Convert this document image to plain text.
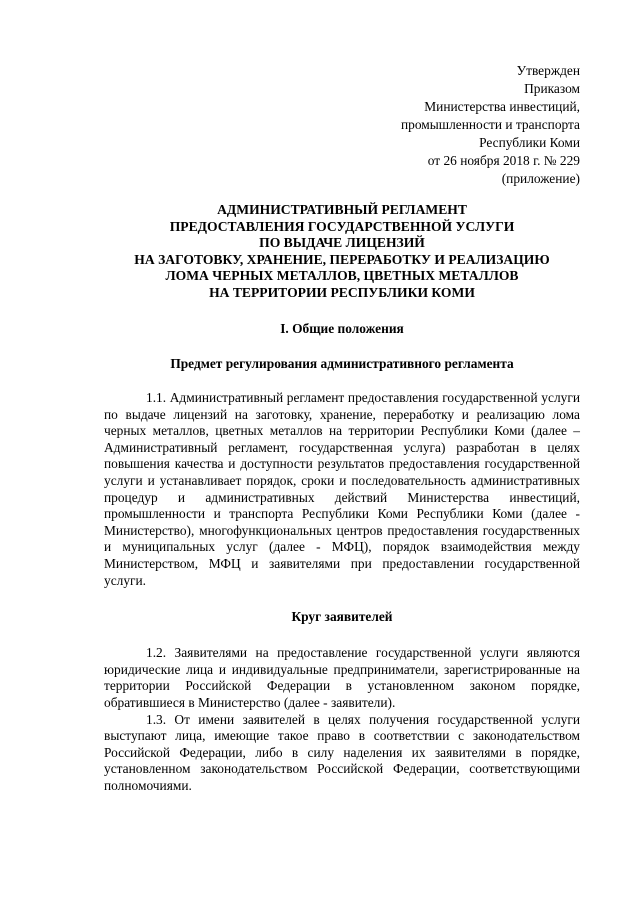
Утвержден
Приказом
Министерства инвестиций,
промышленности и транспорта
Республики Коми
от 26 ноября 2018 г. № 229
(приложение)
АДМИНИСТРАТИВНЫЙ РЕГЛАМЕНТ
ПРЕДОСТАВЛЕНИЯ ГОСУДАРСТВЕННОЙ УСЛУГИ
ПО ВЫДАЧЕ ЛИЦЕНЗИЙ
НА ЗАГОТОВКУ, ХРАНЕНИЕ, ПЕРЕРАБОТКУ И РЕАЛИЗАЦИЮ
ЛОМА ЧЕРНЫХ МЕТАЛЛОВ, ЦВЕТНЫХ МЕТАЛЛОВ
НА ТЕРРИТОРИИ РЕСПУБЛИКИ КОМИ
I. Общие положения
Предмет регулирования административного регламента

1.1. Административный регламент предоставления государственной услуги по выдаче лицензий на заготовку, хранение, переработку и реализацию лома черных металлов, цветных металлов на территории Республики Коми (далее – Административный регламент, государственная услуга) разработан в целях повышения качества и доступности результатов предоставления государственной услуги и устанавливает порядок, сроки и последовательность административных процедур и административных действий Министерства инвестиций, промышленности и транспорта Республики Коми Республики Коми (далее - Министерство), многофункциональных центров предоставления государственных и муниципальных услуг (далее - МФЦ), порядок взаимодействия между Министерством, МФЦ и заявителями при предоставлении государственной услуги.

Круг заявителей

1.2. Заявителями на предоставление государственной услуги являются юридические лица и индивидуальные предприниматели, зарегистрированные на территории Российской Федерации в установленном законом порядке, обратившиеся в Министерство (далее - заявители).

1.3. От имени заявителей в целях получения государственной услуги выступают лица, имеющие такое право в соответствии с законодательством Российской Федерации, либо в силу наделения их заявителями в порядке, установленном законодательством Российской Федерации, соответствующими полномочиями.
